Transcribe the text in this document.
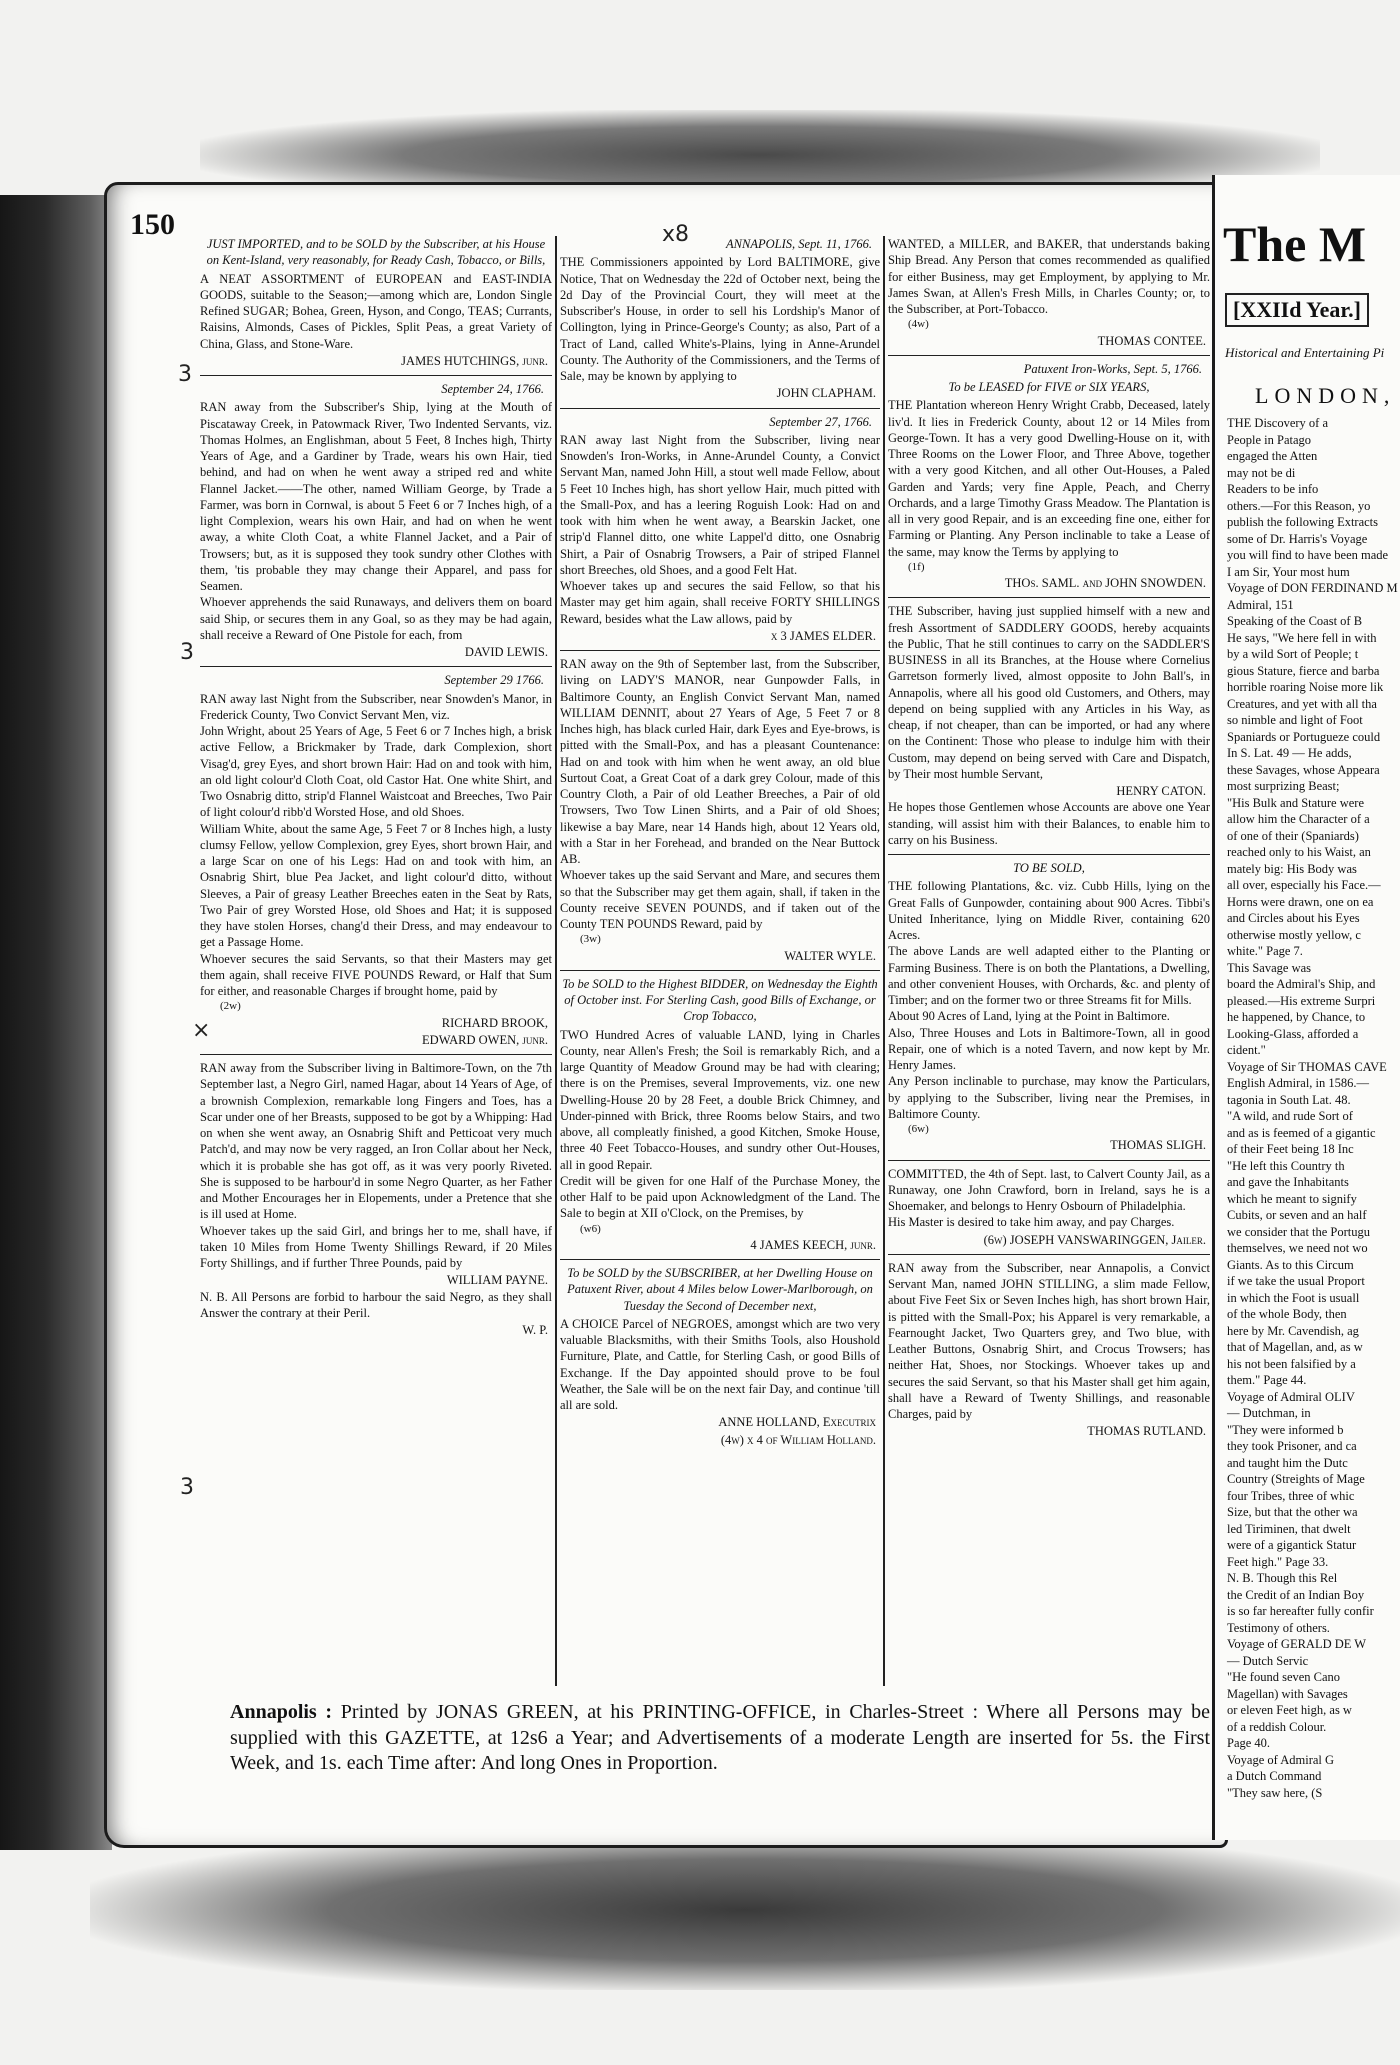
150	x8
3
3
×
3

JUST IMPORTED, and to be SOLD by the Subscriber, at his House on Kent-Island, very reasonably, for Ready Cash, Tobacco, or Bills,

A NEAT ASSORTMENT of EUROPEAN and EAST-INDIA GOODS, suitable to the Season;—among which are, London Single Refined SUGAR; Bohea, Green, Hyson, and Congo, TEAS; Currants, Raisins, Almonds, Cases of Pickles, Split Peas, a great Variety of China, Glass, and Stone-Ware.

JAMES HUTCHINGS, junr.

September 24, 1766.

RAN away from the Subscriber's Ship, lying at the Mouth of Piscataway Creek, in Patowmack River, Two Indented Servants, viz. Thomas Holmes, an Englishman, about 5 Feet, 8 Inches high, Thirty Years of Age, and a Gardiner by Trade, wears his own Hair, tied behind, and had on when he went away a striped red and white Flannel Jacket.——The other, named William George, by Trade a Farmer, was born in Cornwal, is about 5 Feet 6 or 7 Inches high, of a light Complexion, wears his own Hair, and had on when he went away, a white Cloth Coat, a white Flannel Jacket, and a Pair of Trowsers; but, as it is supposed they took sundry other Clothes with them, 'tis probable they may change their Apparel, and pass for Seamen.

Whoever apprehends the said Runaways, and delivers them on board said Ship, or secures them in any Goal, so as they may be had again, shall receive a Reward of One Pistole for each, from

DAVID LEWIS.

September 29 1766.

RAN away last Night from the Subscriber, near Snowden's Manor, in Frederick County, Two Convict Servant Men, viz.

John Wright, about 25 Years of Age, 5 Feet 6 or 7 Inches high, a brisk active Fellow, a Brickmaker by Trade, dark Complexion, short Visag'd, grey Eyes, and short brown Hair: Had on and took with him, an old light colour'd Cloth Coat, old Castor Hat. One white Shirt, and Two Osnabrig ditto, strip'd Flannel Waistcoat and Breeches, Two Pair of light colour'd ribb'd Worsted Hose, and old Shoes.

William White, about the same Age, 5 Feet 7 or 8 Inches high, a lusty clumsy Fellow, yellow Complexion, grey Eyes, short brown Hair, and a large Scar on one of his Legs: Had on and took with him, an Osnabrig Shirt, blue Pea Jacket, and light colour'd ditto, without Sleeves, a Pair of greasy Leather Breeches eaten in the Seat by Rats, Two Pair of grey Worsted Hose, old Shoes and Hat; it is supposed they have stolen Horses, chang'd their Dress, and may endeavour to get a Passage Home.

Whoever secures the said Servants, so that their Masters may get them again, shall receive FIVE POUNDS Reward, or Half that Sum for either, and reasonable Charges if brought home, paid by

(2w)

RICHARD BROOK,

EDWARD OWEN, junr.

RAN away from the Subscriber living in Baltimore-Town, on the 7th September last, a Negro Girl, named Hagar, about 14 Years of Age, of a brownish Complexion, remarkable long Fingers and Toes, has a Scar under one of her Breasts, supposed to be got by a Whipping: Had on when she went away, an Osnabrig Shift and Petticoat very much Patch'd, and may now be very ragged, an Iron Collar about her Neck, which it is probable she has got off, as it was very poorly Riveted. She is supposed to be harbour'd in some Negro Quarter, as her Father and Mother Encourages her in Elopements, under a Pretence that she is ill used at Home.

Whoever takes up the said Girl, and brings her to me, shall have, if taken 10 Miles from Home Twenty Shillings Reward, if 20 Miles Forty Shillings, and if further Three Pounds, paid by

WILLIAM PAYNE.

N. B. All Persons are forbid to harbour the said Negro, as they shall Answer the contrary at their Peril.

W. P.

ANNAPOLIS, Sept. 11, 1766.

THE Commissioners appointed by Lord BALTIMORE, give Notice, That on Wednesday the 22d of October next, being the 2d Day of the Provincial Court, they will meet at the Subscriber's House, in order to sell his Lordship's Manor of Collington, lying in Prince-George's County; as also, Part of a Tract of Land, called White's-Plains, lying in Anne-Arundel County. The Authority of the Commissioners, and the Terms of Sale, may be known by applying to

JOHN CLAPHAM.

September 27, 1766.

RAN away last Night from the Subscriber, living near Snowden's Iron-Works, in Anne-Arundel County, a Convict Servant Man, named John Hill, a stout well made Fellow, about 5 Feet 10 Inches high, has short yellow Hair, much pitted with the Small-Pox, and has a leering Roguish Look: Had on and took with him when he went away, a Bearskin Jacket, one strip'd Flannel ditto, one white Lappel'd ditto, one Osnabrig Shirt, a Pair of Osnabrig Trowsers, a Pair of striped Flannel short Breeches, old Shoes, and a good Felt Hat.

Whoever takes up and secures the said Fellow, so that his Master may get him again, shall receive FORTY SHILLINGS Reward, besides what the Law allows, paid by

x 3 JAMES ELDER.

RAN away on the 9th of September last, from the Subscriber, living on LADY'S MANOR, near Gunpowder Falls, in Baltimore County, an English Convict Servant Man, named WILLIAM DENNIT, about 27 Years of Age, 5 Feet 7 or 8 Inches high, has black curled Hair, dark Eyes and Eye-brows, is pitted with the Small-Pox, and has a pleasant Countenance: Had on and took with him when he went away, an old blue Surtout Coat, a Great Coat of a dark grey Colour, made of this Country Cloth, a Pair of old Leather Breeches, a Pair of old Trowsers, Two Tow Linen Shirts, and a Pair of old Shoes; likewise a bay Mare, near 14 Hands high, about 12 Years old, with a Star in her Forehead, and branded on the Near Buttock AB.

Whoever takes up the said Servant and Mare, and secures them so that the Subscriber may get them again, shall, if taken in the County receive SEVEN POUNDS, and if taken out of the County TEN POUNDS Reward, paid by

(3w)

WALTER WYLE.

To be SOLD to the Highest BIDDER, on Wednesday the Eighth of October inst. For Sterling Cash, good Bills of Exchange, or Crop Tobacco,

TWO Hundred Acres of valuable LAND, lying in Charles County, near Allen's Fresh; the Soil is remarkably Rich, and a large Quantity of Meadow Ground may be had with clearing; there is on the Premises, several Improvements, viz. one new Dwelling-House 20 by 28 Feet, a double Brick Chimney, and Under-pinned with Brick, three Rooms below Stairs, and two above, all compleatly finished, a good Kitchen, Smoke House, three 40 Feet Tobacco-Houses, and sundry other Out-Houses, all in good Repair.

Credit will be given for one Half of the Purchase Money, the other Half to be paid upon Acknowledgment of the Land. The Sale to begin at XII o'Clock, on the Premises, by

(w6)

4 JAMES KEECH, junr.

To be SOLD by the SUBSCRIBER, at her Dwelling House on Patuxent River, about 4 Miles below Lower-Marlborough, on Tuesday the Second of December next,

A CHOICE Parcel of NEGROES, amongst which are two very valuable Blacksmiths, with their Smiths Tools, also Houshold Furniture, Plate, and Cattle, for Sterling Cash, or good Bills of Exchange. If the Day appointed should prove to be foul Weather, the Sale will be on the next fair Day, and continue 'till all are sold.

ANNE HOLLAND, Executrix

(4w) x 4 of William Holland.

WANTED, a MILLER, and BAKER, that understands baking Ship Bread. Any Person that comes recommended as qualified for either Business, may get Employment, by applying to Mr. James Swan, at Allen's Fresh Mills, in Charles County; or, to the Subscriber, at Port-Tobacco.

(4w)

THOMAS CONTEE.

Patuxent Iron-Works, Sept. 5, 1766.

To be LEASED for FIVE or SIX YEARS,

THE Plantation whereon Henry Wright Crabb, Deceased, lately liv'd. It lies in Frederick County, about 12 or 14 Miles from George-Town. It has a very good Dwelling-House on it, with Three Rooms on the Lower Floor, and Three Above, together with a very good Kitchen, and all other Out-Houses, a Paled Garden and Yards; very fine Apple, Peach, and Cherry Orchards, and a large Timothy Grass Meadow. The Plantation is all in very good Repair, and is an exceeding fine one, either for Farming or Planting. Any Person inclinable to take a Lease of the same, may know the Terms by applying to

(1f)

THOs. SAML. and JOHN SNOWDEN.

THE Subscriber, having just supplied himself with a new and fresh Assortment of SADDLERY GOODS, hereby acquaints the Public, That he still continues to carry on the SADDLER'S BUSINESS in all its Branches, at the House where Cornelius Garretson formerly lived, almost opposite to John Ball's, in Annapolis, where all his good old Customers, and Others, may depend on being supplied with any Articles in his Way, as cheap, if not cheaper, than can be imported, or had any where on the Continent: Those who please to indulge him with their Custom, may depend on being served with Care and Dispatch, by Their most humble Servant,

HENRY CATON.

He hopes those Gentlemen whose Accounts are above one Year standing, will assist him with their Balances, to enable him to carry on his Business.

TO BE SOLD,

THE following Plantations, &c. viz. Cubb Hills, lying on the Great Falls of Gunpowder, containing about 900 Acres. Tibbi's United Inheritance, lying on Middle River, containing 620 Acres.

The above Lands are well adapted either to the Planting or Farming Business. There is on both the Plantations, a Dwelling, and other convenient Houses, with Orchards, &c. and plenty of Timber; and on the former two or three Streams fit for Mills.

About 90 Acres of Land, lying at the Point in Baltimore.

Also, Three Houses and Lots in Baltimore-Town, all in good Repair, one of which is a noted Tavern, and now kept by Mr. Henry James.

Any Person inclinable to purchase, may know the Particulars, by applying to the Subscriber, living near the Premises, in Baltimore County.

(6w)

THOMAS SLIGH.

COMMITTED, the 4th of Sept. last, to Calvert County Jail, as a Runaway, one John Crawford, born in Ireland, says he is a Shoemaker, and belongs to Henry Osbourn of Philadelphia.

His Master is desired to take him away, and pay Charges.

(6w) JOSEPH VANSWARINGGEN, Jailer.

RAN away from the Subscriber, near Annapolis, a Convict Servant Man, named JOHN STILLING, a slim made Fellow, about Five Feet Six or Seven Inches high, has short brown Hair, is pitted with the Small-Pox; his Apparel is very remarkable, a Fearnought Jacket, Two Quarters grey, and Two blue, with Leather Buttons, Osnabrig Shirt, and Crocus Trowsers; has neither Hat, Shoes, nor Stockings. Whoever takes up and secures the said Servant, so that his Master shall get him again, shall have a Reward of Twenty Shillings, and reasonable Charges, paid by

THOMAS RUTLAND.

Annapolis : Printed by JONAS GREEN, at his PRINTING-OFFICE, in Charles-Street : Where all Persons may be supplied with this GAZETTE, at 12s6 a Year; and Advertisements of a moderate Length are inserted for 5s. the First Week, and 1s. each Time after: And long Ones in Proportion.
The M
[XXIId Year.]
Historical and Entertaining Pi
LONDON,

THE Discovery of a

People in Patago

engaged the Atten

may not be di

Readers to be info

others.—For this Reason, yo

publish the following Extracts

some of Dr. Harris's Voyage

you will find to have been made

I am Sir, Your most hum

Voyage of DON FERDINAND M

Admiral, 151

Speaking of the Coast of B

He says, "We here fell in with

by a wild Sort of People; t

gious Stature, fierce and barba

horrible roaring Noise more lik

Creatures, and yet with all tha

so nimble and light of Foot

Spaniards or Portugueze could

In S. Lat. 49 — He adds,

these Savages, whose Appeara

most surprizing Beast;

"His Bulk and Stature were

allow him the Character of a

of one of their (Spaniards)

reached only to his Waist, an

mately big: His Body was

all over, especially his Face.—

Horns were drawn, one on ea

and Circles about his Eyes

otherwise mostly yellow, c

white." Page 7.

This Savage was

board the Admiral's Ship, and

pleased.—His extreme Surpri

he happened, by Chance, to

Looking-Glass, afforded a

cident."

Voyage of Sir THOMAS CAVE

English Admiral, in 1586.—

tagonia in South Lat. 48.

"A wild, and rude Sort of

and as is feemed of a gigantic

of their Feet being 18 Inc

"He left this Country th

and gave the Inhabitants

which he meant to signify

Cubits, or seven and an half

we consider that the Portugu

themselves, we need not wo

Giants. As to this Circum

if we take the usual Proport

in which the Foot is usuall

of the whole Body, then

here by Mr. Cavendish, ag

that of Magellan, and, as w

his not been falsified by a

them." Page 44.

Voyage of Admiral OLIV

— Dutchman, in

"They were informed b

they took Prisoner, and ca

and taught him the Dutc

Country (Streights of Mage

four Tribes, three of whic

Size, but that the other wa

led Tiriminen, that dwelt

were of a gigantick Statur

Feet high." Page 33.

N. B. Though this Rel

the Credit of an Indian Boy

is so far hereafter fully confir

Testimony of others.

Voyage of GERALD DE W

— Dutch Servic

"He found seven Cano

Magellan) with Savages

or eleven Feet high, as w

of a reddish Colour.

Page 40.

Voyage of Admiral G

a Dutch Command

"They saw here, (S
